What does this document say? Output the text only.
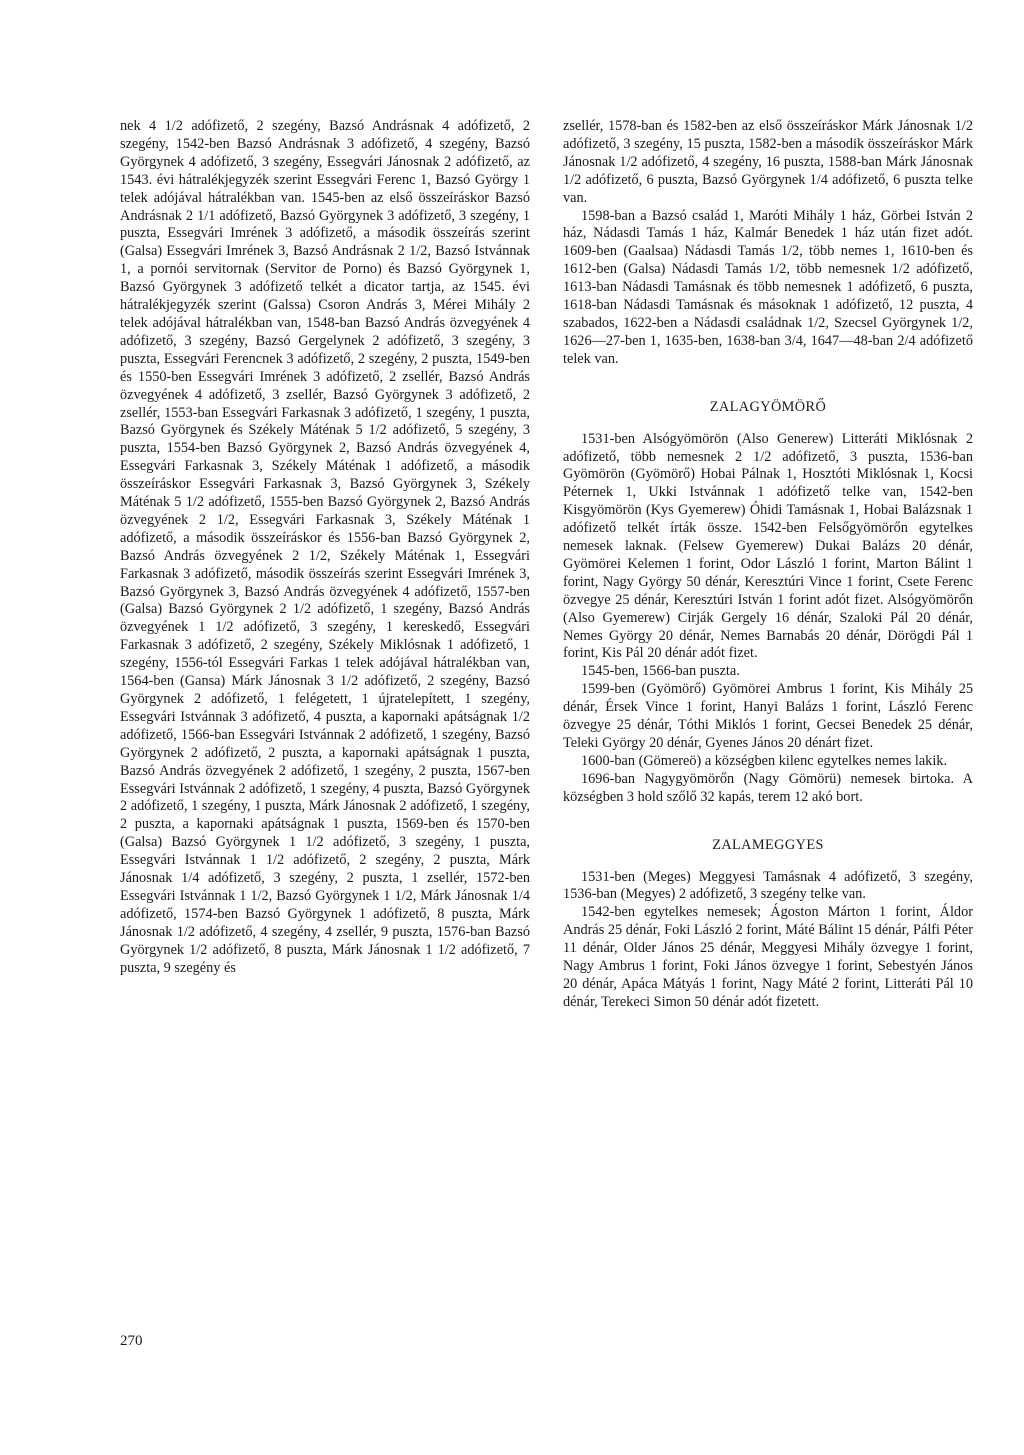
nek 4 1/2 adófizető, 2 szegény, Bazsó Andrásnak 4 adófizető, 2 szegény, 1542-ben Bazsó Andrásnak 3 adófizető, 4 szegény, Bazsó Györgynek 4 adófizető, 3 szegény, Essegvári Jánosnak 2 adófizető, az 1543. évi hátralékjegyzék szerint Essegvári Ferenc 1, Bazsó György 1 telek adójával hátralékban van. 1545-ben az első összeíráskor Bazsó Andrásnak 2 1/1 adófizető, Bazsó Györgynek 3 adófizető, 3 szegény, 1 puszta, Essegvári Imrének 3 adófizető, a második összeírás szerint (Galsa) Essegvári Imrének 3, Bazsó Andrásnak 2 1/2, Bazsó Istvánnak 1, a pornói servitornak (Servitor de Porno) és Bazsó Györgynek 1, Bazsó Györgynek 3 adófizető telkét a dicator tartja, az 1545. évi hátralékjegyzék szerint (Galssa) Csoron András 3, Mérei Mihály 2 telek adójával hátralékban van, 1548-ban Bazsó András özvegyének 4 adófizető, 3 szegény, Bazsó Gergelynek 2 adófizető, 3 szegény, 3 puszta, Essegvári Ferencnek 3 adófizető, 2 szegény, 2 puszta, 1549-ben és 1550-ben Essegvári Imrének 3 adófizető, 2 zsellér, Bazsó András özvegyének 4 adófizető, 3 zsellér, Bazsó Györgynek 3 adófizető, 2 zsellér, 1553-ban Essegvári Farkasnak 3 adófizető, 1 szegény, 1 puszta, Bazsó Györgynek és Székely Máténak 5 1/2 adófizető, 5 szegény, 3 puszta, 1554-ben Bazsó Györgynek 2, Bazsó András özvegyének 4, Essegvári Farkasnak 3, Székely Máténak 1 adófizető, a második összeíráskor Essegvári Farkasnak 3, Bazsó Györgynek 3, Székely Máténak 5 1/2 adófizető, 1555-ben Bazsó Györgynek 2, Bazsó András özvegyének 2 1/2, Essegvári Farkasnak 3, Székely Máténak 1 adófizető, a második összeíráskor és 1556-ban Bazsó Györgynek 2, Bazsó András özvegyének 2 1/2, Székely Máténak 1, Essegvári Farkasnak 3 adófizető, második összeírás szerint Essegvári Imrének 3, Bazsó Györgynek 3, Bazsó András özvegyének 4 adófizető, 1557-ben (Galsa) Bazsó Györgynek 2 1/2 adófizető, 1 szegény, Bazsó András özvegyének 1 1/2 adófizető, 3 szegény, 1 kereskedő, Essegvári Farkasnak 3 adófizető, 2 szegény, Székely Miklósnak 1 adófizető, 1 szegény, 1556-tól Essegvári Farkas 1 telek adójával hátralékban van, 1564-ben (Gansa) Márk Jánosnak 3 1/2 adófizető, 2 szegény, Bazsó Györgynek 2 adófizető, 1 felégetett, 1 újratelepített, 1 szegény, Essegvári Istvánnak 3 adófizető, 4 puszta, a kapornaki apátságnak 1/2 adófizető, 1566-ban Essegvári Istvánnak 2 adófizető, 1 szegény, Bazsó Györgynek 2 adófizető, 2 puszta, a kapornaki apátságnak 1 puszta, Bazsó András özvegyének 2 adófizető, 1 szegény, 2 puszta, 1567-ben Essegvári Istvánnak 2 adófizető, 1 szegény, 4 puszta, Bazsó Györgynek 2 adófizető, 1 szegény, 1 puszta, Márk Jánosnak 2 adófizető, 1 szegény, 2 puszta, a kapornaki apátságnak 1 puszta, 1569-ben és 1570-ben (Galsa) Bazsó Györgynek 1 1/2 adófizető, 3 szegény, 1 puszta, Essegvári Istvánnak 1 1/2 adófizető, 2 szegény, 2 puszta, Márk Jánosnak 1/4 adófizető, 3 szegény, 2 puszta, 1 zsellér, 1572-ben Essegvári Istvánnak 1 1/2, Bazsó Györgynek 1 1/2, Márk Jánosnak 1/4 adófizető, 1574-ben Bazsó Györgynek 1 adófizető, 8 puszta, Márk Jánosnak 1/2 adófizető, 4 szegény, 4 zsellér, 9 puszta, 1576-ban Bazsó Györgynek 1/2 adófizető, 8 puszta, Márk Jánosnak 1 1/2 adófizető, 7 puszta, 9 szegény és

zsellér, 1578-ban és 1582-ben az első összeíráskor Márk Jánosnak 1/2 adófizető, 3 szegény, 15 puszta, 1582-ben a második összeíráskor Márk Jánosnak 1/2 adófizető, 4 szegény, 16 puszta, 1588-ban Márk Jánosnak 1/2 adófizető, 6 puszta, Bazsó Györgynek 1/4 adófizető, 6 puszta telke van.

1598-ban a Bazsó család 1, Maróti Mihály 1 ház, Görbei István 2 ház, Nádasdi Tamás 1 ház, Kalmár Benedek 1 ház után fizet adót. 1609-ben (Gaalsaa) Nádasdi Tamás 1/2, több nemes 1, 1610-ben és 1612-ben (Galsa) Nádasdi Tamás 1/2, több nemesnek 1/2 adófizető, 1613-ban Nádasdi Tamásnak és több nemesnek 1 adófizető, 6 puszta, 1618-ban Nádasdi Tamásnak és másoknak 1 adófizető, 12 puszta, 4 szabados, 1622-ben a Nádasdi családnak 1/2, Szecsel Györgynek 1/2, 1626—27-ben 1, 1635-ben, 1638-ban 3/4, 1647—48-ban 2/4 adófizető telek van.

ZALAGYÖMÖRŐ

1531-ben Alsógyömörön (Also Generew) Litteráti Miklósnak 2 adófizető, több nemesnek 2 1/2 adófizető, 3 puszta, 1536-ban Gyömörön (Gyömörő) Hobai Pálnak 1, Hosztóti Miklósnak 1, Kocsi Péternek 1, Ukki Istvánnak 1 adófizető telke van, 1542-ben Kisgyömörön (Kys Gyemerew) Óhidi Tamásnak 1, Hobai Balázsnak 1 adófizető telkét írták össze. 1542-ben Felsőgyömörőn egytelkes nemesek laknak. (Felsew Gyemerew) Dukai Balázs 20 dénár, Gyömörei Kelemen 1 forint, Odor László 1 forint, Marton Bálint 1 forint, Nagy György 50 dénár, Keresztúri Vince 1 forint, Csete Ferenc özvegye 25 dénár, Keresztúri István 1 forint adót fizet. Alsógyömörőn (Also Gyemerew) Cirják Gergely 16 dénár, Szaloki Pál 20 dénár, Nemes György 20 dénár, Nemes Barnabás 20 dénár, Dörögdi Pál 1 forint, Kis Pál 20 dénár adót fizet.

1545-ben, 1566-ban puszta.

1599-ben (Gyömörő) Gyömörei Ambrus 1 forint, Kis Mihály 25 dénár, Érsek Vince 1 forint, Hanyi Balázs 1 forint, László Ferenc özvegye 25 dénár, Tóthi Miklós 1 forint, Gecsei Benedek 25 dénár, Teleki György 20 dénár, Gyenes János 20 dénárt fizet.

1600-ban (Gömereö) a községben kilenc egytelkes nemes lakik.

1696-ban Nagygyömörőn (Nagy Gömörü) nemesek birtoka. A községben 3 hold szőlő 32 kapás, terem 12 akó bort.

ZALAMEGGYES

1531-ben (Meges) Meggyesi Tamásnak 4 adófizető, 3 szegény, 1536-ban (Megyes) 2 adófizető, 3 szegény telke van.

1542-ben egytelkes nemesek; Ágoston Márton 1 forint, Áldor András 25 dénár, Foki László 2 forint, Máté Bálint 15 dénár, Pálfi Péter 11 dénár, Older János 25 dénár, Meggyesi Mihály özvegye 1 forint, Nagy Ambrus 1 forint, Foki János özvegye 1 forint, Sebestyén János 20 dénár, Apáca Mátyás 1 forint, Nagy Máté 2 forint, Litteráti Pál 10 dénár, Terekeci Simon 50 dénár adót fizetett.

270
